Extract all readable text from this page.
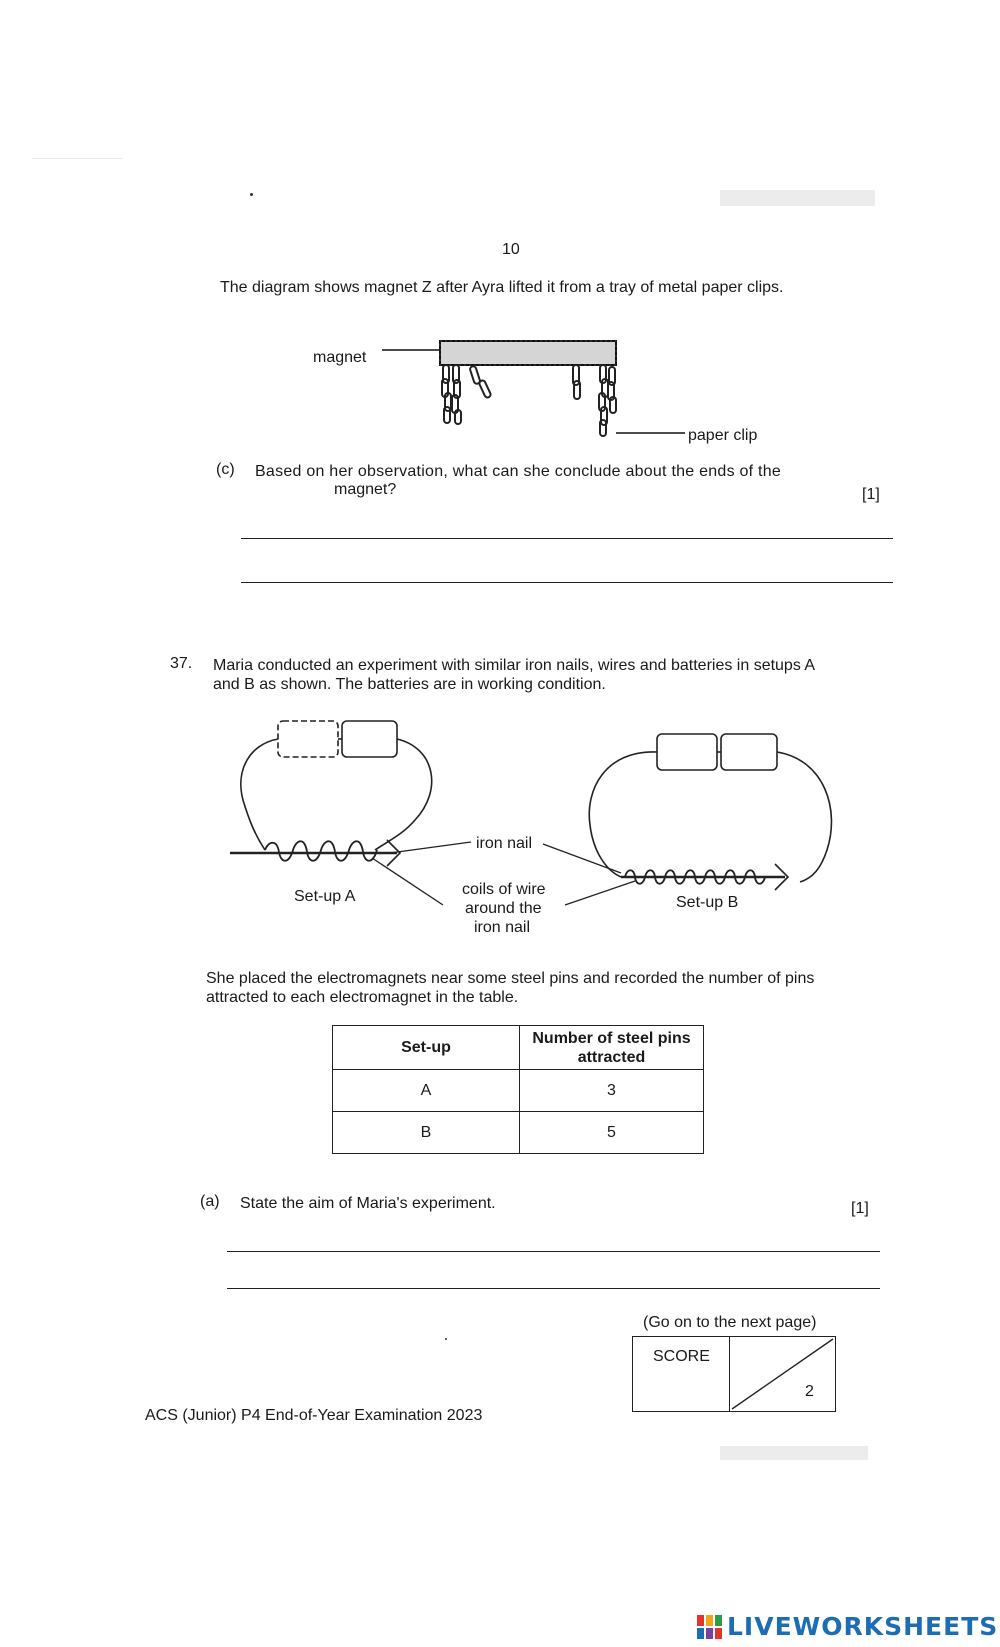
10
The diagram shows magnet Z after Ayra lifted it from a tray of metal paper clips.
magnet
paper clip
(c) Based on her observation, what can she conclude about the ends of the
magnet?	[1]
37. Maria conducted an experiment with similar iron nails, wires and batteries in setups A
and B as shown. The batteries are in working condition.
iron nail
coils of wire
around the
iron nail
Set-up A	Set-up B
She placed the electromagnets near some steel pins and recorded the number of pins
attracted to each electromagnet in the table.
Set-up	Number of steel pins
attracted

A	3
B	5
(a) State the aim of Maria's experiment.	[1]
(Go on to the next page)
SCORE
2
ACS (Junior) P4 End-of-Year Examination 2023
LIVEWORKSHEETS
